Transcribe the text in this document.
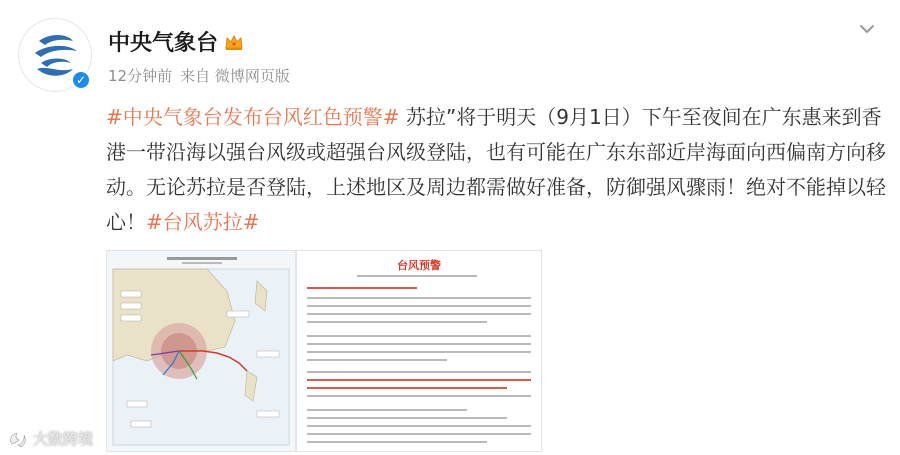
✓
中央气象台
12分钟前 来自 微博网页版
#中央气象台发布台风红色预警# 苏拉”将于明天（9月1日）下午至夜间在广东惠来到香港一带沿海以强台风级或超强台风级登陆，也有可能在广东东部近岸海面向西偏南方向移动。无论苏拉是否登陆，上述地区及周边都需做好准备，防御强风骤雨！绝对不能掉以轻心！#台风苏拉#
台风预警
大数跨境
